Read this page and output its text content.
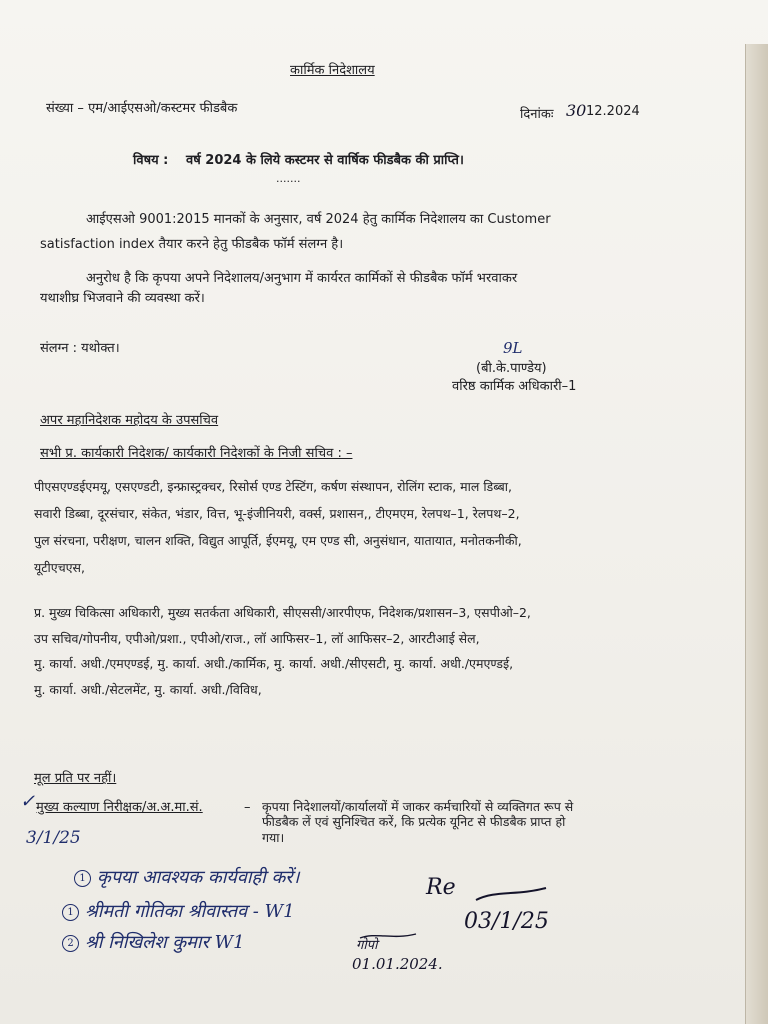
कार्मिक निदेशालय
संख्या – एम/आईएसओ/कस्टमर फीडबैक	दिनांकः 30 12.2024
विषय : वर्ष 2024 के लिये कस्टमर से वार्षिक फीडबैक की प्राप्ति।
.......
आईएसओ 9001:2015 मानकों के अनुसार, वर्ष 2024 हेतु कार्मिक निदेशालय का Customer
satisfaction index तैयार करने हेतु फीडबैक फॉर्म संलग्न है।
अनुरोध है कि कृपया अपने निदेशालय/अनुभाग में कार्यरत कार्मिकों से फीडबैक फॉर्म भरवाकर
यथाशीघ्र भिजवाने की व्यवस्था करें।
संलग्न : यथोक्त।	9L
(बी.के.पाण्डेय)
वरिष्ठ कार्मिक अधिकारी–1
अपर महानिदेशक महोदय के उपसचिव
सभी प्र. कार्यकारी निदेशक/ कार्यकारी निदेशकों के निजी सचिव : –
पीएसएण्डईएमयू, एसएण्डटी, इन्फ्रास्ट्रक्चर, रिसोर्स एण्ड टेस्टिंग, कर्षण संस्थापन, रोलिंग स्टाक, माल डिब्बा,
सवारी डिब्बा, दूरसंचार, संकेत, भंडार, वित्त, भू-इंजीनियरी, वर्क्स, प्रशासन,, टीएमएम, रेलपथ–1, रेलपथ–2,
पुल संरचना, परीक्षण, चालन शक्ति, विद्युत आपूर्ति, ईएमयू, एम एण्ड सी, अनुसंधान, यातायात, मनोतकनीकी,
यूटीएचएस,
प्र. मुख्य चिकित्सा अधिकारी, मुख्य सतर्कता अधिकारी, सीएससी/आरपीएफ, निदेशक/प्रशासन–3, एसपीओ–2,
उप सचिव/गोपनीय, एपीओ/प्रशा., एपीओ/राज., लॉ आफिसर–1, लॉ आफिसर–2, आरटीआई सेल,
मु. कार्या. अधी./एमएण्डई, मु. कार्या. अधी./कार्मिक, मु. कार्या. अधी./सीएसटी, मु. कार्या. अधी./एमएण्डई,
मु. कार्या. अधी./सेटलमेंट, मु. कार्या. अधी./विविध,
मूल प्रति पर नहीं।
✓ मुख्य कल्याण निरीक्षक/अ.अ.मा.सं.	– कृपया निदेशालयों/कार्यालयों में जाकर कर्मचारियों से व्यक्तिगत रूप से
फीडबैक लें एवं सुनिश्चित करें, कि प्रत्येक यूनिट से फीडबैक प्राप्त हो
गया।
3/1/25
1 कृपया आवश्यक कार्यवाही करें।
1 श्रीमती गोतिका श्रीवास्तव - W1
2 श्री निखिलेश कुमार W1
Re
03/1/25
गोपो
01.01.2024.
